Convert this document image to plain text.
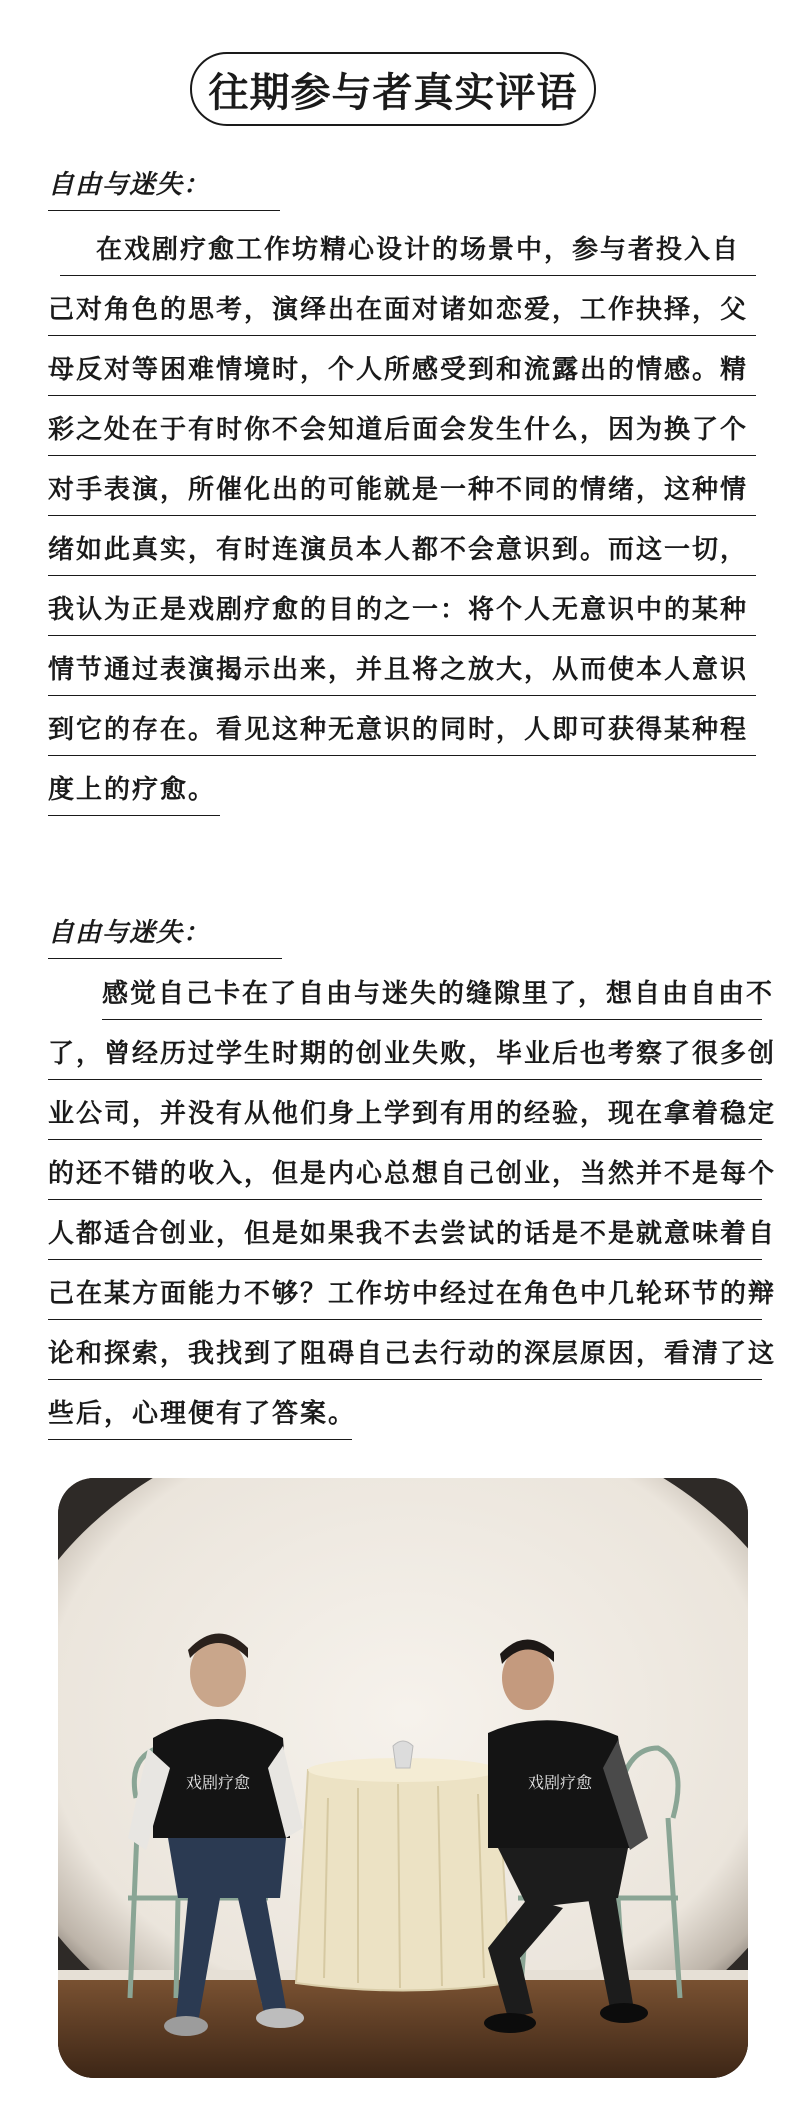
往期参与者真实评语
自由与迷失：
在戏剧疗愈工作坊精心设计的场景中，参与者投入自
己对角色的思考，演绎出在面对诸如恋爱，工作抉择，父
母反对等困难情境时，个人所感受到和流露出的情感。精
彩之处在于有时你不会知道后面会发生什么，因为换了个
对手表演，所催化出的可能就是一种不同的情绪，这种情
绪如此真实，有时连演员本人都不会意识到。而这一切，
我认为正是戏剧疗愈的目的之一：将个人无意识中的某种
情节通过表演揭示出来，并且将之放大，从而使本人意识
到它的存在。看见这种无意识的同时，人即可获得某种程
度上的疗愈。
自由与迷失：
感觉自己卡在了自由与迷失的缝隙里了，想自由自由不
了，曾经历过学生时期的创业失败，毕业后也考察了很多创
业公司，并没有从他们身上学到有用的经验，现在拿着稳定
的还不错的收入，但是内心总想自己创业，当然并不是每个
人都适合创业，但是如果我不去尝试的话是不是就意味着自
己在某方面能力不够？工作坊中经过在角色中几轮环节的辩
论和探索，我找到了阻碍自己去行动的深层原因，看清了这
些后，心理便有了答案。
戏剧疗愈	戏剧疗愈
